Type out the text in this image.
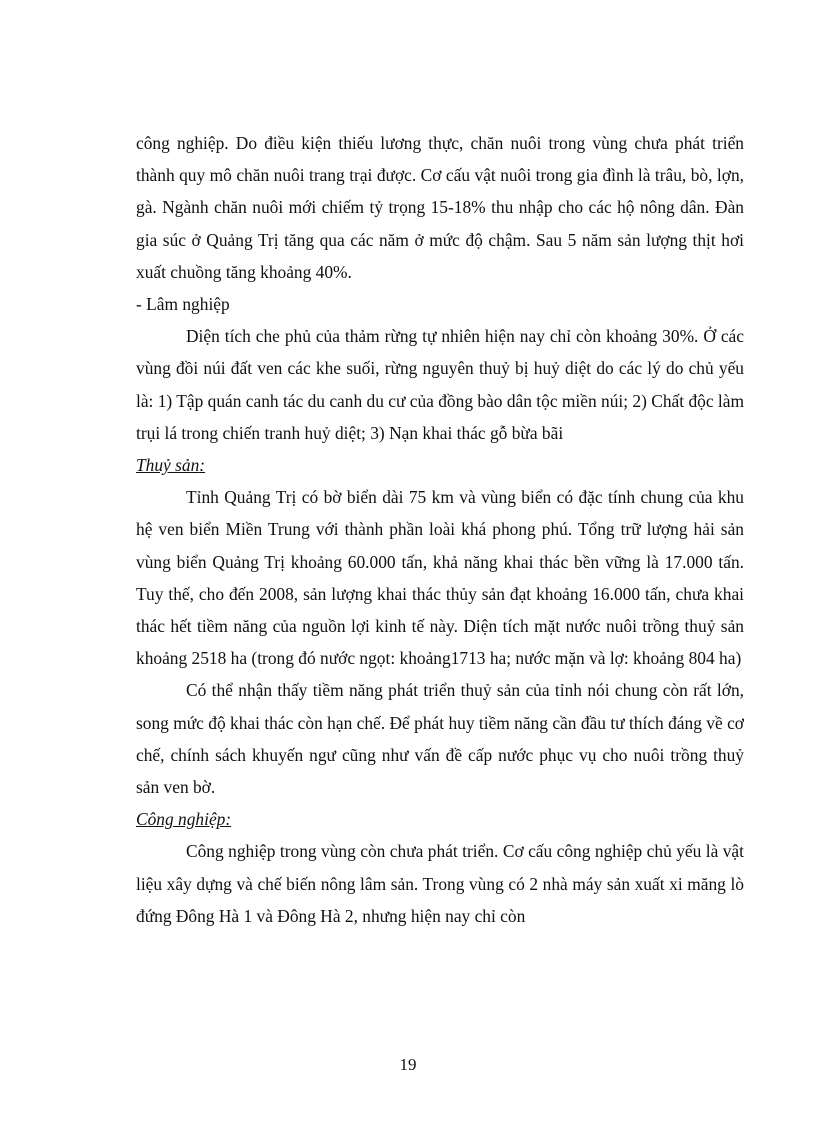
công nghiệp. Do điều kiện thiếu lương thực, chăn nuôi trong vùng chưa phát triển thành quy mô chăn nuôi trang trại được. Cơ cấu vật nuôi trong gia đình là trâu, bò, lợn, gà. Ngành chăn nuôi mới chiếm tỷ trọng 15-18% thu nhập cho các hộ nông dân. Đàn gia súc ở Quảng Trị tăng qua các năm ở mức độ chậm. Sau 5 năm sản lượng thịt hơi xuất chuồng tăng khoảng 40%.

- Lâm nghiệp

Diện tích che phủ của thảm rừng tự nhiên hiện nay chỉ còn khoảng 30%. Ở các vùng đồi núi đất ven các khe suối, rừng nguyên thuỷ bị huỷ diệt do các lý do chủ yếu là: 1) Tập quán canh tác du canh du cư của đồng bào dân tộc miền núi; 2) Chất độc làm trụi lá trong chiến tranh huỷ diệt; 3) Nạn khai thác gỗ bừa bãi

Thuỷ sản:

Tỉnh Quảng Trị có bờ biển dài 75 km và vùng biển có đặc tính chung của khu hệ ven biển Miền Trung với thành phần loài khá phong phú. Tổng trữ lượng hải sản vùng biển Quảng Trị khoảng 60.000 tấn, khả năng khai thác bền vững là 17.000 tấn. Tuy thế, cho đến 2008, sản lượng khai thác thủy sản đạt khoảng 16.000 tấn, chưa khai thác hết tiềm năng của nguồn lợi kinh tế này. Diện tích mặt nước nuôi trồng thuỷ sản khoảng 2518 ha (trong đó nước ngọt: khoảng1713 ha; nước mặn và lợ: khoảng 804 ha)

Có thể nhận thấy tiềm năng phát triển thuỷ sản của tỉnh nói chung còn rất lớn, song mức độ khai thác còn hạn chế. Để phát huy tiềm năng cần đầu tư thích đáng về cơ chế, chính sách khuyến ngư cũng như vấn đề cấp nước phục vụ cho nuôi trồng thuỷ sản ven bờ.

Công nghiệp:

Công nghiệp trong vùng còn chưa phát triển. Cơ cấu công nghiệp chủ yếu là vật liệu xây dựng và chế biến nông lâm sản. Trong vùng có 2 nhà máy sản xuất xi măng lò đứng Đông Hà 1 và Đông Hà 2, nhưng hiện nay chỉ còn

19
